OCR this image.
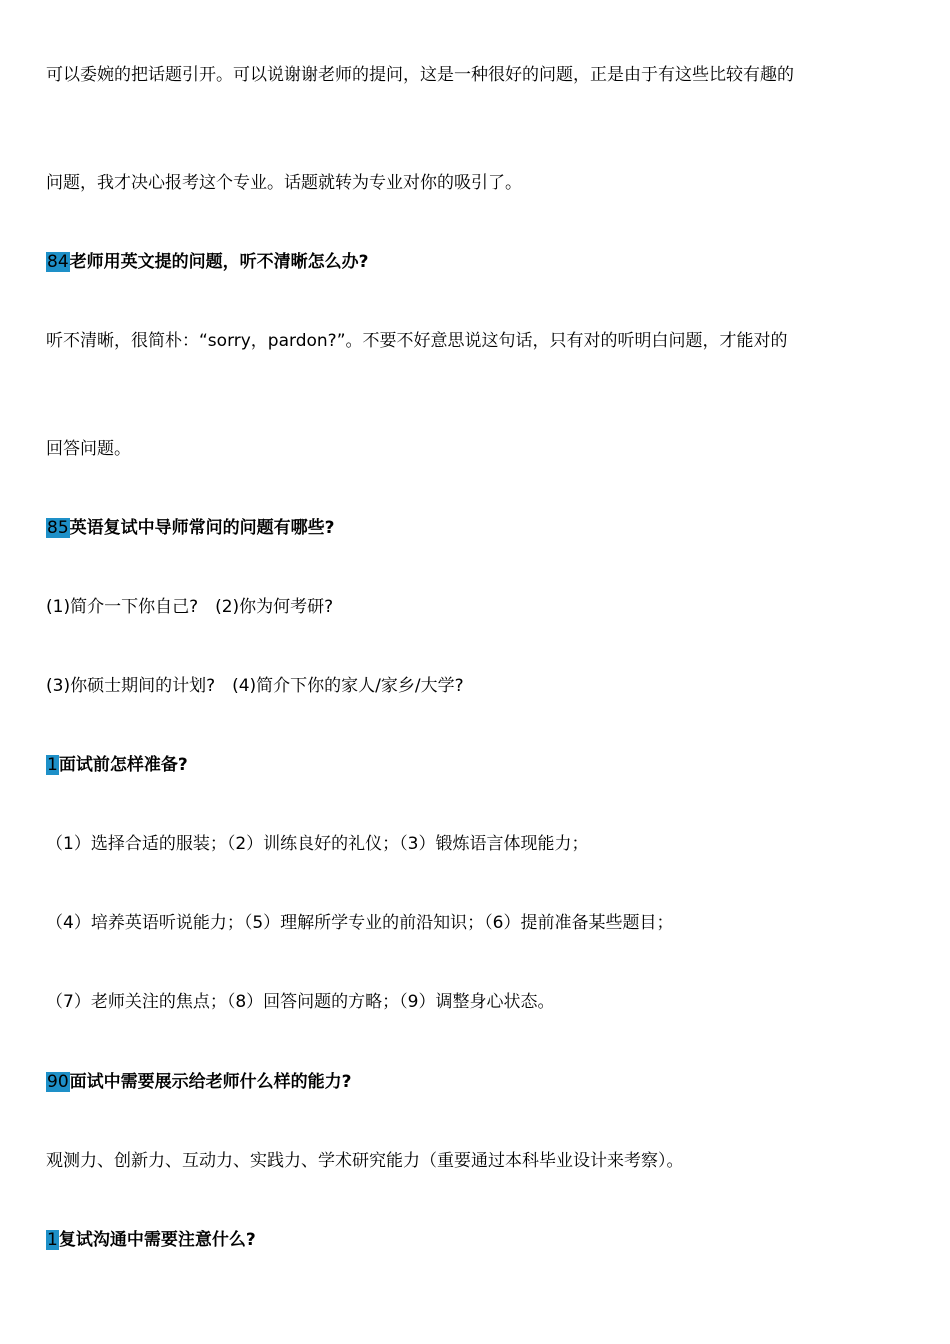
可以委婉的把话题引开。可以说谢谢老师的提问，这是一种很好的问题，正是由于有这些比较有趣的
问题，我才决心报考这个专业。话题就转为专业对你的吸引了。
84老师用英文提的问题，听不清晰怎么办?
听不清晰，很简朴：“sorry，pardon?”。不要不好意思说这句话，只有对的听明白问题，才能对的
回答问题。
85英语复试中导师常问的问题有哪些?
(1)简介一下你自己?　(2)你为何考研?
(3)你硕士期间的计划?　(4)简介下你的家人/家乡/大学?
1面试前怎样准备?
（1）选择合适的服装；（2）训练良好的礼仪；（3）锻炼语言体现能力；
（4）培养英语听说能力；（5）理解所学专业的前沿知识；（6）提前准备某些题目；
（7）老师关注的焦点；（8）回答问题的方略；（9）调整身心状态。
90面试中需要展示给老师什么样的能力?
观测力、创新力、互动力、实践力、学术研究能力（重要通过本科毕业设计来考察）。
1复试沟通中需要注意什么?
